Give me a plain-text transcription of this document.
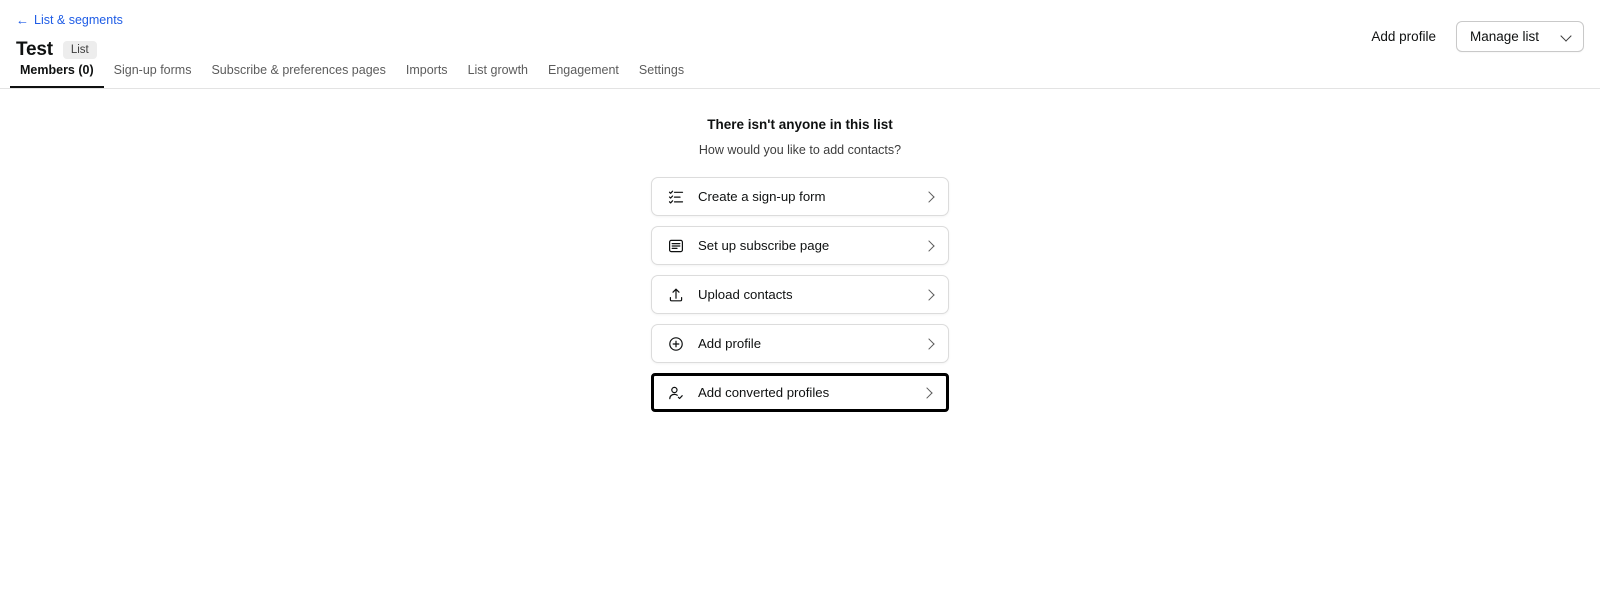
← List & segments
Test	List
Add profile	Manage list
Members (0)	Sign-up forms	Subscribe & preferences pages	Imports	List growth	Engagement	Settings
There isn't anyone in this list
How would you like to add contacts?
Create a sign-up form
Set up subscribe page
Upload contacts
Add profile
Add converted profiles
